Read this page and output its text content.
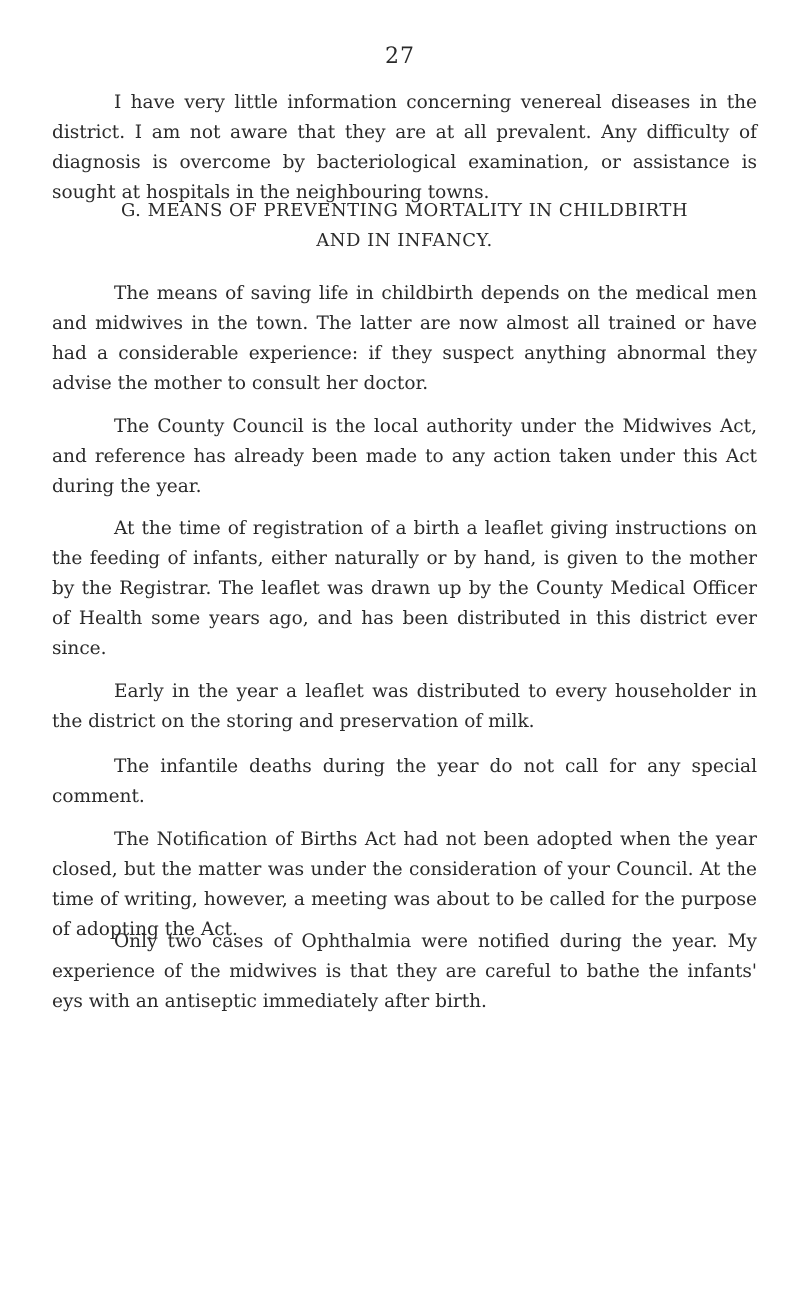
27

I have very little information concerning venereal diseases in the district. I am not aware that they are at all prevalent. Any difficulty of diagnosis is overcome by bacteriological examination, or assistance is sought at hospitals in the neighbouring towns.

G. MEANS OF PREVENTING MORTALITY IN CHILDBIRTH

AND IN INFANCY.

The means of saving life in childbirth depends on the medical men and midwives in the town. The latter are now almost all trained or have had a considerable experience: if they suspect anything abnormal they advise the mother to consult her doctor.

The County Council is the local authority under the Midwives Act, and reference has already been made to any action taken under this Act during the year.

At the time of registration of a birth a leaflet giving instructions on the feeding of infants, either naturally or by hand, is given to the mother by the Registrar. The leaflet was drawn up by the County Medical Officer of Health some years ago, and has been distributed in this district ever since.

Early in the year a leaflet was distributed to every householder in the district on the storing and preservation of milk.

The infantile deaths during the year do not call for any special comment.

The Notification of Births Act had not been adopted when the year closed, but the matter was under the consideration of your Council. At the time of writing, however, a meeting was about to be called for the purpose of adopting the Act.

Only two cases of Ophthalmia were notified during the year. My experience of the midwives is that they are careful to bathe the infants' eys with an antiseptic immediately after birth.
